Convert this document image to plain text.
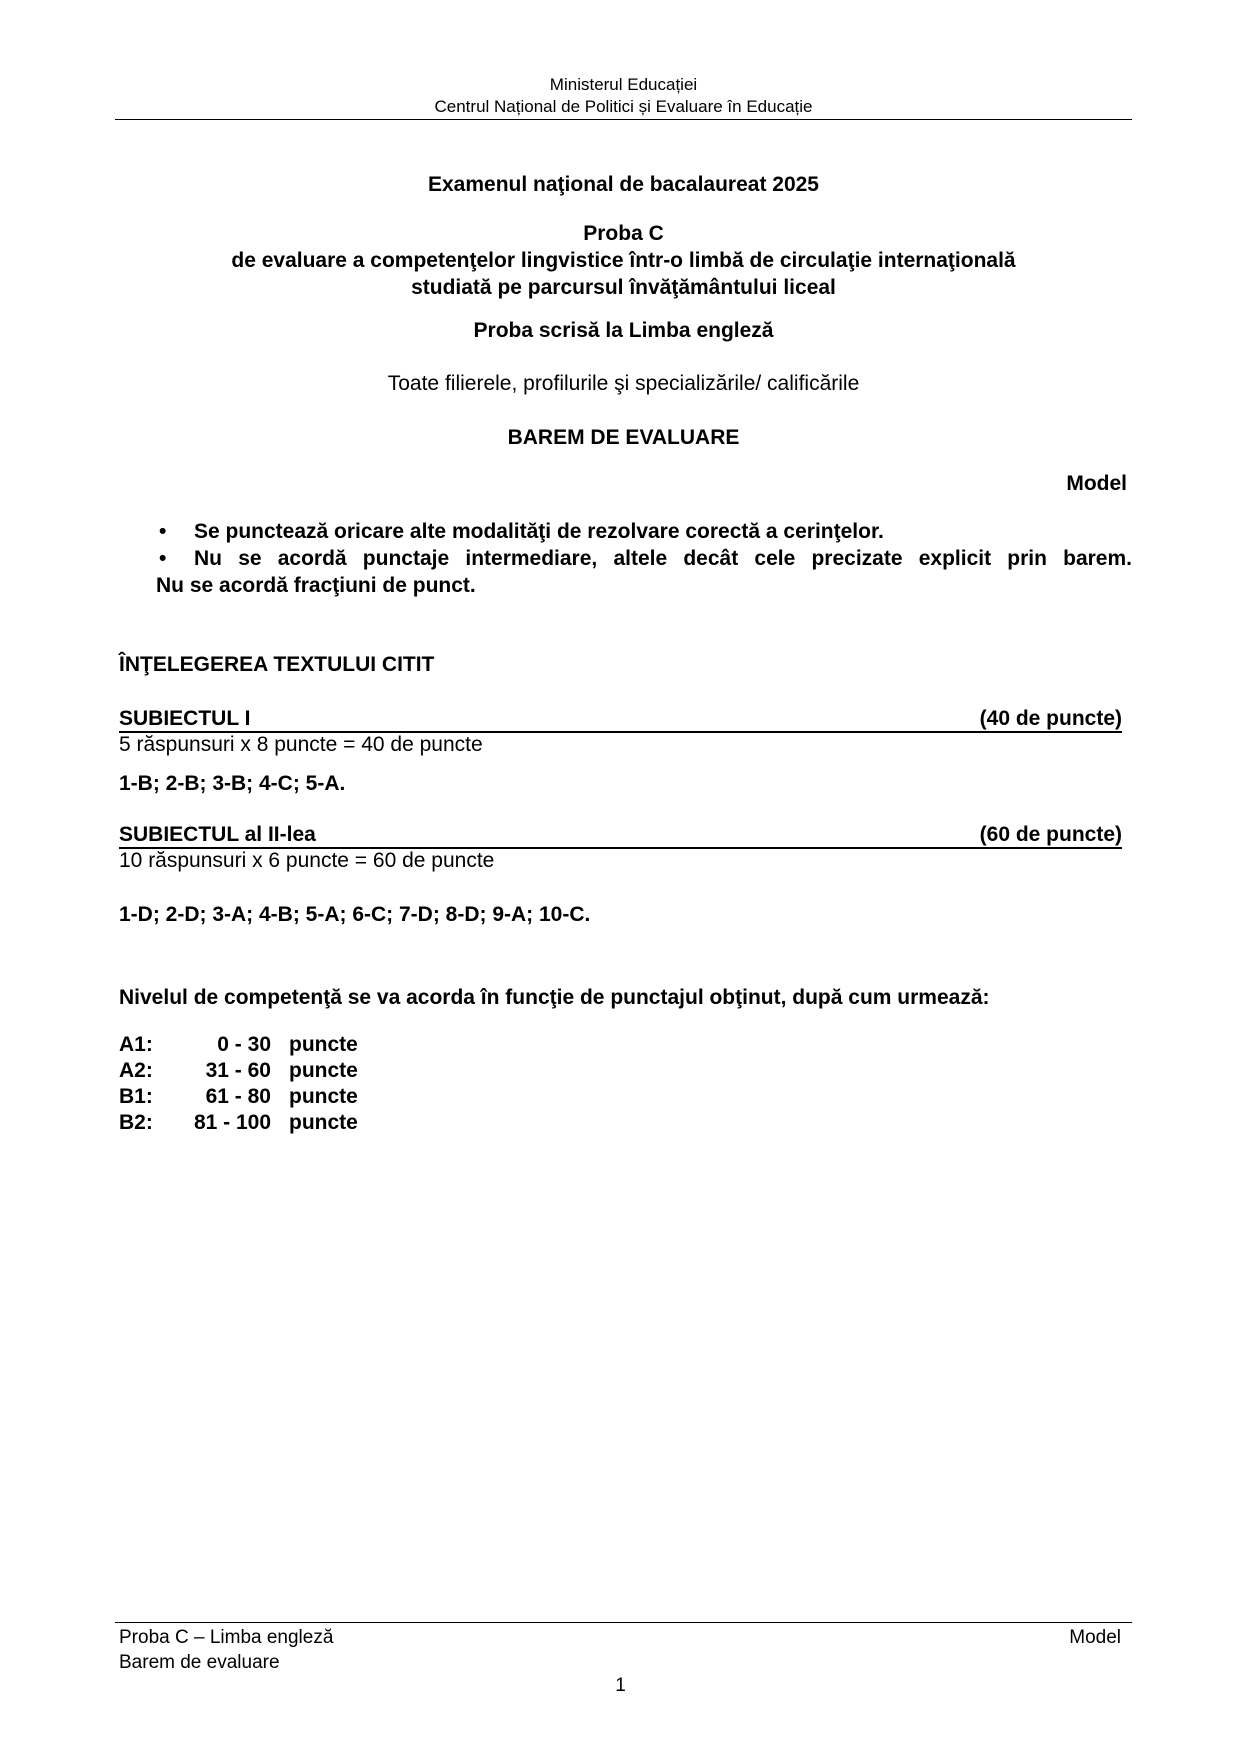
Ministerul Educației
Centrul Național de Politici și Evaluare în Educație
Examenul naţional de bacalaureat 2025
Proba C
de evaluare a competenţelor lingvistice într-o limbă de circulaţie internaţională
studiată pe parcursul învăţământului liceal
Proba scrisă la Limba engleză
Toate filierele, profilurile şi specializările/ calificările
BAREM DE EVALUARE
Model
• Se punctează oricare alte modalităţi de rezolvare corectă a cerinţelor.
• Nu se acordă punctaje intermediare, altele decât cele precizate explicit prin barem.
Nu se acordă fracţiuni de punct.
ÎNŢELEGEREA TEXTULUI CITIT
SUBIECTUL I	(40 de puncte)
5 răspunsuri x 8 puncte = 40 de puncte
1-B; 2-B; 3-B; 4-C; 5-A.
SUBIECTUL al II-lea	(60 de puncte)
10 răspunsuri x 6 puncte = 60 de puncte
1-D; 2-D; 3-A; 4-B; 5-A; 6-C; 7-D; 8-D; 9-A; 10-C.
Nivelul de competenţă se va acorda în funcţie de punctajul obţinut, după cum urmează:
A1:	0 - 30	puncte
A2:	31 - 60	puncte
B1:	61 - 80	puncte
B2:	81 - 100	puncte
Proba C – Limba engleză
Barem de evaluare
Model
1
